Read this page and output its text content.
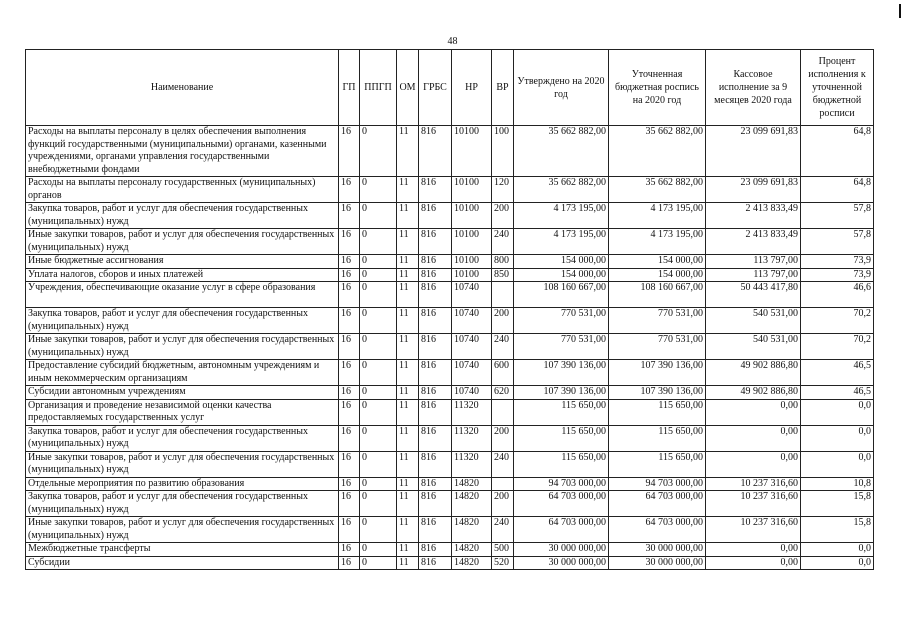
48
Наименование	ГП	ППГП	ОМ	ГРБС	НР	ВР	Утверждено на 2020 год	Уточненная бюджетная роспись на 2020 год	Кассовое исполнение за 9 месяцев 2020 года	Процент исполнения к уточненной бюджетной росписи
Расходы на выплаты персоналу в целях обеспечения выполнения функций государственными (муниципальными) органами, казенными учреждениями, органами управления государственными внебюджетными фондами	16	0	11	816	10100	100	35 662 882,00	35 662 882,00	23 099 691,83	64,8
Расходы на выплаты персоналу государственных (муниципальных) органов	16	0	11	816	10100	120	35 662 882,00	35 662 882,00	23 099 691,83	64,8
Закупка товаров, работ и услуг для обеспечения государственных (муниципальных) нужд	16	0	11	816	10100	200	4 173 195,00	4 173 195,00	2 413 833,49	57,8
Иные закупки товаров, работ и услуг для обеспечения государственных (муниципальных) нужд	16	0	11	816	10100	240	4 173 195,00	4 173 195,00	2 413 833,49	57,8
Иные бюджетные ассигнования	16	0	11	816	10100	800	154 000,00	154 000,00	113 797,00	73,9
Уплата налогов, сборов и иных платежей	16	0	11	816	10100	850	154 000,00	154 000,00	113 797,00	73,9
Учреждения, обеспечивающие оказание услуг в сфере образования	16	0	11	816	10740		108 160 667,00	108 160 667,00	50 443 417,80	46,6
Закупка товаров, работ и услуг для обеспечения государственных (муниципальных) нужд	16	0	11	816	10740	200	770 531,00	770 531,00	540 531,00	70,2
Иные закупки товаров, работ и услуг для обеспечения государственных (муниципальных) нужд	16	0	11	816	10740	240	770 531,00	770 531,00	540 531,00	70,2
Предоставление субсидий бюджетным, автономным учреждениям и иным некоммерческим организациям	16	0	11	816	10740	600	107 390 136,00	107 390 136,00	49 902 886,80	46,5
Субсидии автономным учреждениям	16	0	11	816	10740	620	107 390 136,00	107 390 136,00	49 902 886,80	46,5
Организация и проведение независимой оценки качества предоставляемых государственных услуг	16	0	11	816	11320		115 650,00	115 650,00	0,00	0,0
Закупка товаров, работ и услуг для обеспечения государственных (муниципальных) нужд	16	0	11	816	11320	200	115 650,00	115 650,00	0,00	0,0
Иные закупки товаров, работ и услуг для обеспечения государственных (муниципальных) нужд	16	0	11	816	11320	240	115 650,00	115 650,00	0,00	0,0
Отдельные мероприятия по развитию образования	16	0	11	816	14820		94 703 000,00	94 703 000,00	10 237 316,60	10,8
Закупка товаров, работ и услуг для обеспечения государственных (муниципальных) нужд	16	0	11	816	14820	200	64 703 000,00	64 703 000,00	10 237 316,60	15,8
Иные закупки товаров, работ и услуг для обеспечения государственных (муниципальных) нужд	16	0	11	816	14820	240	64 703 000,00	64 703 000,00	10 237 316,60	15,8
Межбюджетные трансферты	16	0	11	816	14820	500	30 000 000,00	30 000 000,00	0,00	0,0
Субсидии	16	0	11	816	14820	520	30 000 000,00	30 000 000,00	0,00	0,0
